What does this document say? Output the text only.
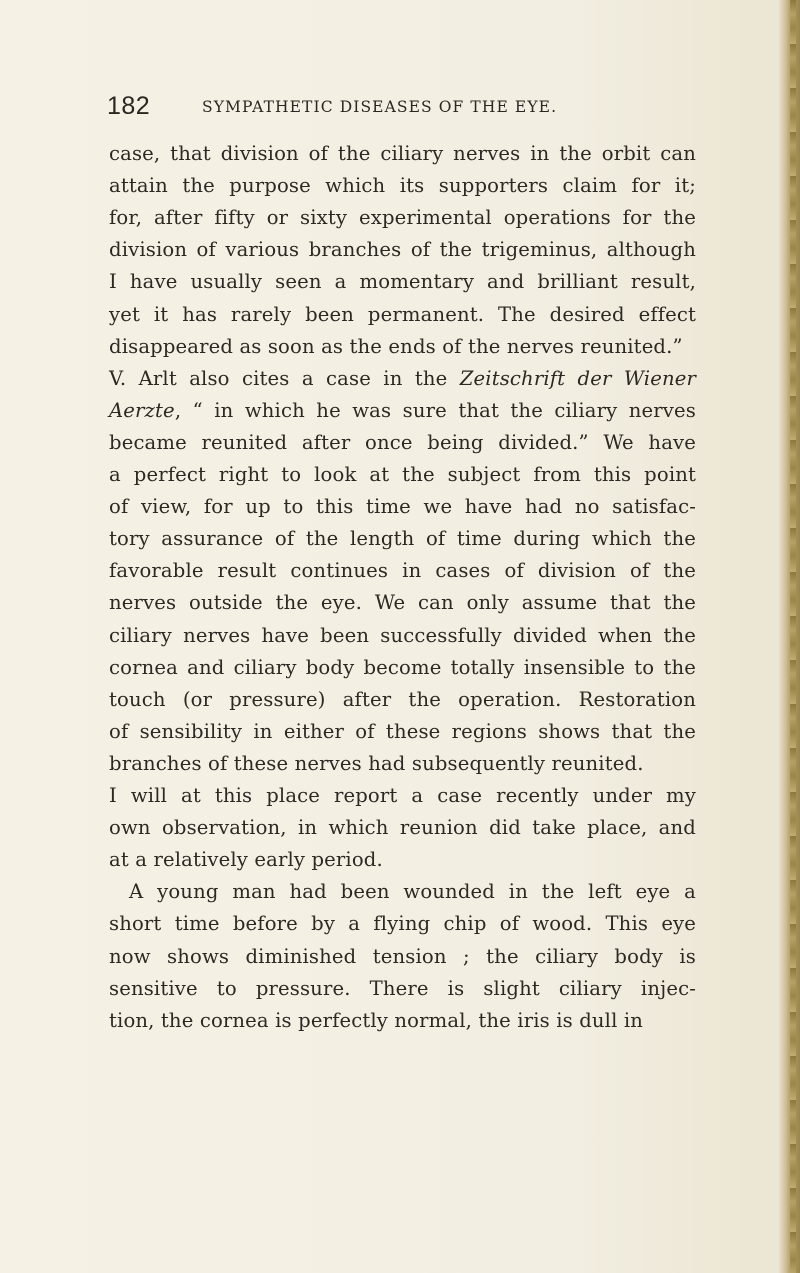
182	SYMPATHETIC DISEASES OF THE EYE.
case, that division of the ciliary nerves in the orbit can
attain the purpose which its supporters claim for it;
for, after fifty or sixty experimental operations for the
division of various branches of the trigeminus, although
I have usually seen a momentary and brilliant result,
yet it has rarely been permanent. The desired effect
disappeared as soon as the ends of the nerves reunited.”
V. Arlt also cites a case in the Zeitschrift der Wiener
Aerzte, “ in which he was sure that the ciliary nerves
became reunited after once being divided.” We have
a perfect right to look at the subject from this point
of view, for up to this time we have had no satisfac-
tory assurance of the length of time during which the
favorable result continues in cases of division of the
nerves outside the eye. We can only assume that the
ciliary nerves have been successfully divided when the
cornea and ciliary body become totally insensible to the
touch (or pressure) after the operation. Restoration
of sensibility in either of these regions shows that the
branches of these nerves had subsequently reunited.
I will at this place report a case recently under my
own observation, in which reunion did take place, and
at a relatively early period.
A young man had been wounded in the left eye a
short time before by a flying chip of wood. This eye
now shows diminished tension ; the ciliary body is
sensitive to pressure. There is slight ciliary injec-
tion, the cornea is perfectly normal, the iris is dull in
